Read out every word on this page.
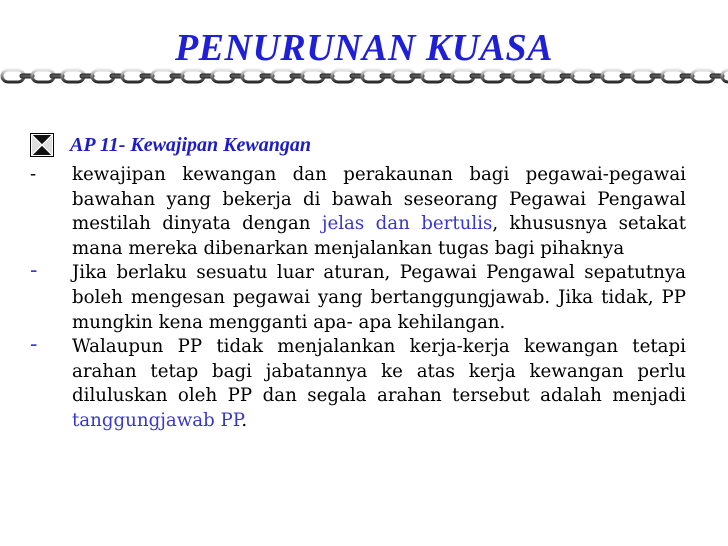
PENURUNAN KUASA
AP 11- Kewajipan Kewangan
-	kewajipan kewangan dan perakaunan bagi pegawai-pegawai bawahan yang bekerja di bawah seseorang Pegawai Pengawal mestilah dinyata dengan jelas dan bertulis, khususnya setakat mana mereka dibenarkan menjalankan tugas bagi pihaknya
-	Jika berlaku sesuatu luar aturan, Pegawai Pengawal sepatutnya boleh mengesan pegawai yang bertanggungjawab. Jika tidak, PP mungkin kena mengganti apa- apa kehilangan.
-	Walaupun PP tidak menjalankan kerja-kerja kewangan tetapi arahan tetap bagi jabatannya ke atas kerja kewangan perlu diluluskan oleh PP dan segala arahan tersebut adalah menjadi tanggungjawab PP.
